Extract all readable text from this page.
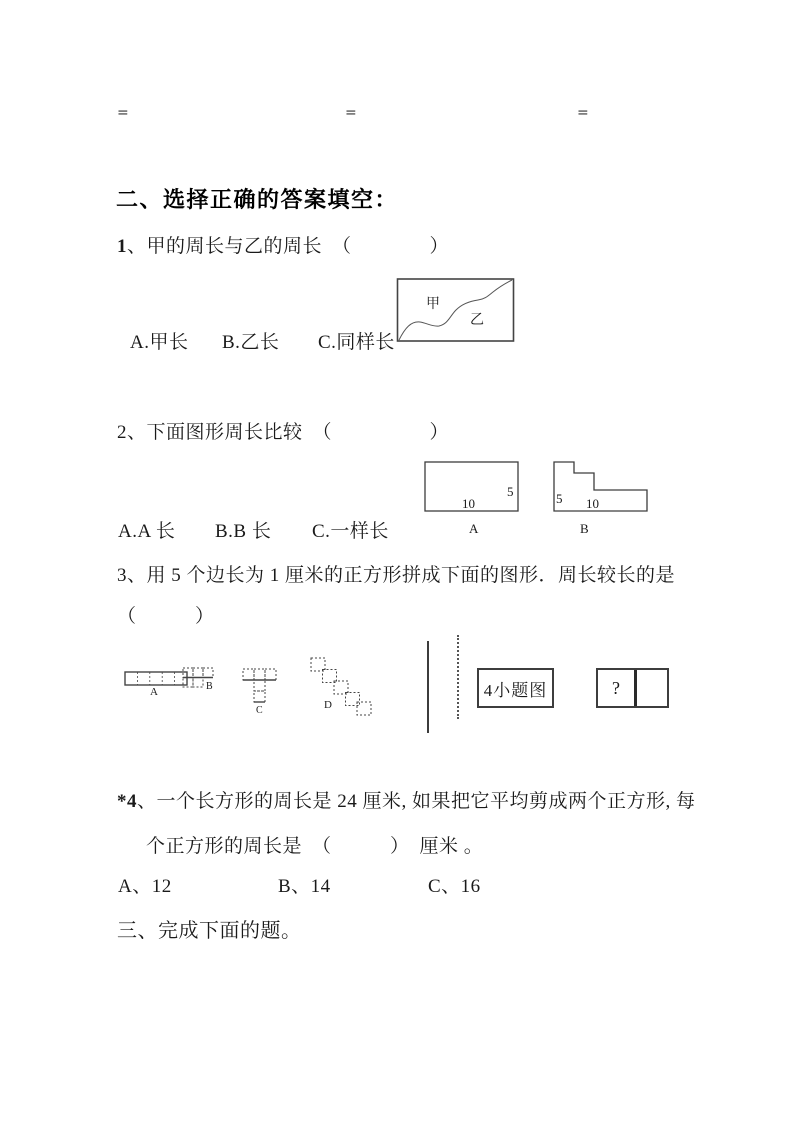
=	=	=
二、选择正确的答案填空：
1、甲的周长与乙的周长　（　　　　）
甲
乙
A.甲长 B.乙长 C.同样长
2、下面图形周长比较　（　　　　　）
5
10
A
5 10
B
A.A 长 B.B 长 C.一样长
3、用 5 个边长为 1 厘米的正方形拼成下面的图形．周长较长的是
（　　　）
A	B
C	D
4小题图	?
*4、一个长方形的周长是 24 厘米, 如果把它平均剪成两个正方形, 每
个正方形的周长是　（　　　）　厘米 。
A、12	B、14	C、16
三、完成下面的题。
